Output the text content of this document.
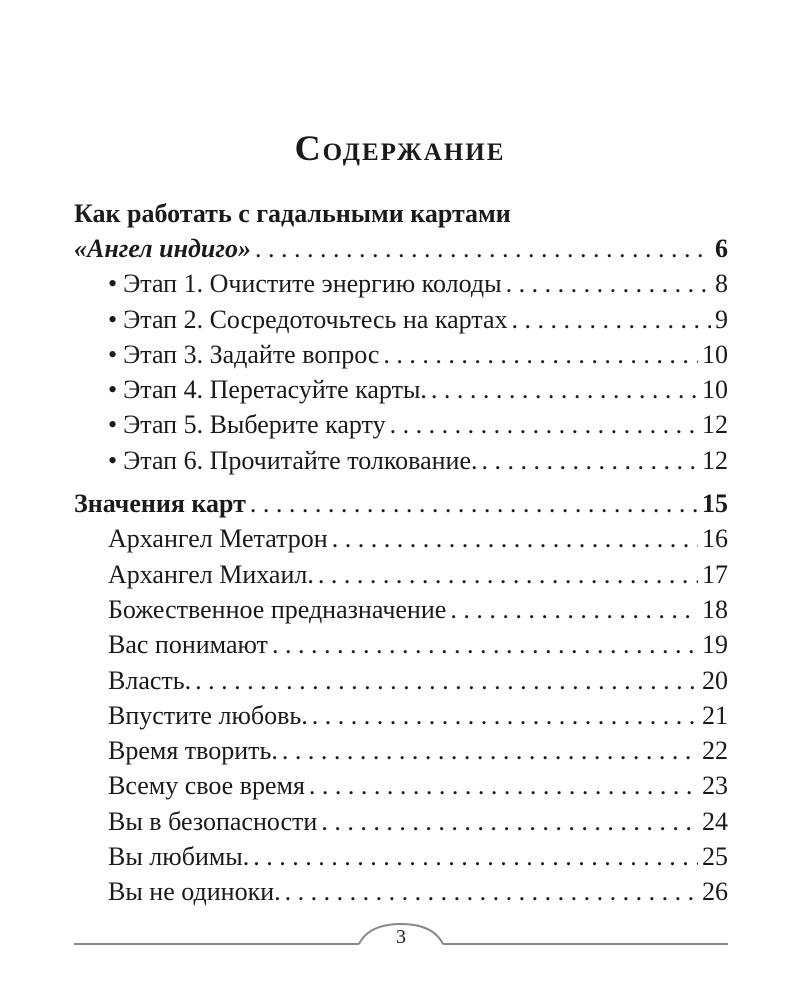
Содержание
Как работать с гадальными картами
«Ангел индиго» . . .	6
• Этап 1. Очистите энергию колоды . . .	8
• Этап 2. Сосредоточьтесь на картах . . .	9
• Этап 3. Задайте вопрос . . .	10
• Этап 4. Перетасуйте карты. . . .	10
• Этап 5. Выберите карту . . .	12
• Этап 6. Прочитайте толкование. . . .	12
Значения карт . . .	15
Архангел Метатрон . . .	16
Архангел Михаил. . . .	17
Божественное предназначение . . .	18
Вас понимают . . .	19
Власть. . . .	20
Впустите любовь. . . .	21
Время творить. . . .	22
Всему свое время . . .	23
Вы в безопасности . . .	24
Вы любимы. . . .	25
Вы не одиноки. . . .	26
3
